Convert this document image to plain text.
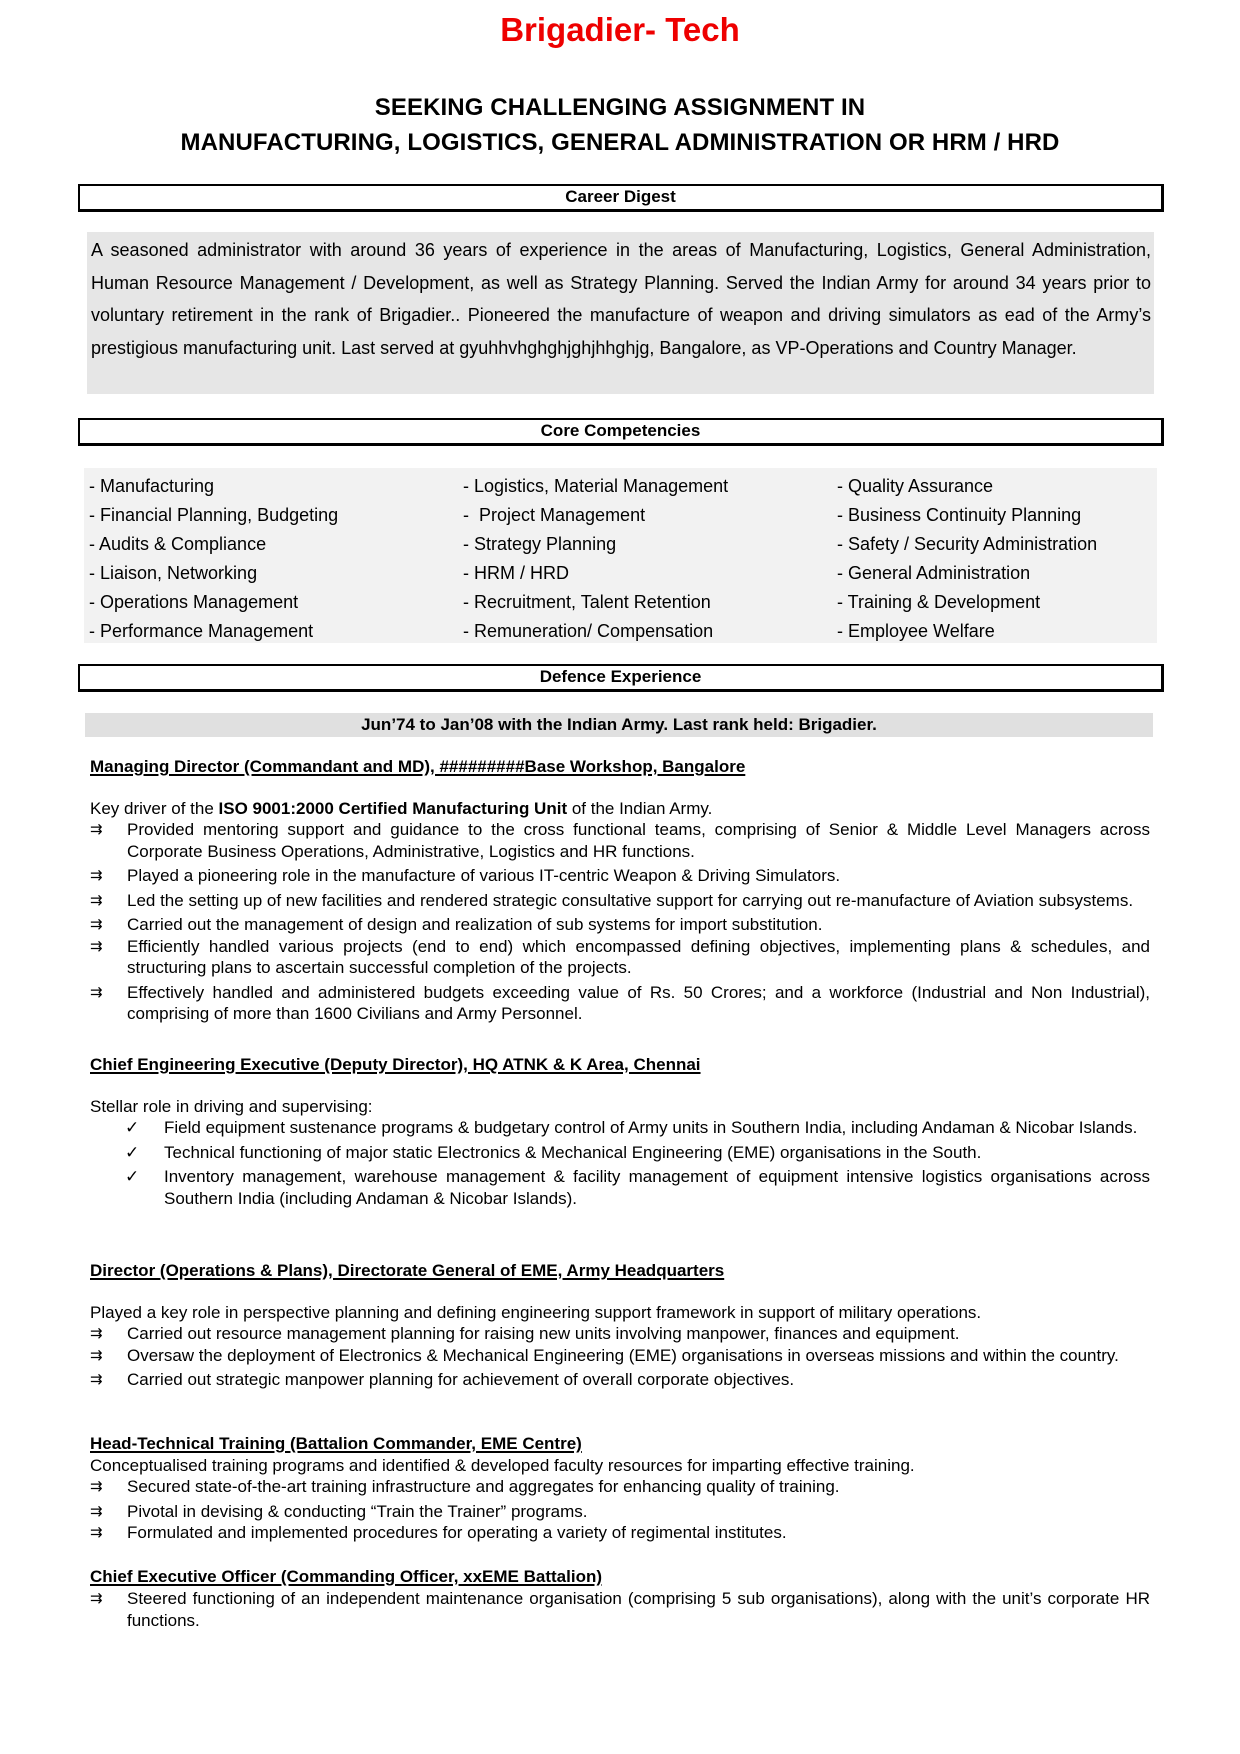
Brigadier- Tech
SEEKING CHALLENGING ASSIGNMENT IN
MANUFACTURING, LOGISTICS, GENERAL ADMINISTRATION OR HRM / HRD
Career Digest

A seasoned administrator with around 36 years of experience in the areas of Manufacturing, Logistics, General Administration, Human Resource Management / Development, as well as Strategy Planning. Served the Indian Army for around 34 years prior to voluntary retirement in the rank of Brigadier.. Pioneered the manufacture of weapon and driving simulators as ead of the Army’s prestigious manufacturing unit. Last served at gyuhhvhghghjghjhhghjg, Bangalore, as VP-Operations and Country Manager.

Core Competencies
- Manufacturing
- Financial Planning, Budgeting
- Audits & Compliance
- Liaison, Networking
- Operations Management
- Performance Management
- Logistics, Material Management
-  Project Management
- Strategy Planning
- HRM / HRD
- Recruitment, Talent Retention
- Remuneration/ Compensation
- Quality Assurance
- Business Continuity Planning
- Safety / Security Administration
- General Administration
- Training & Development
- Employee Welfare
Defence Experience
Jun’74 to Jan’08 with the Indian Army. Last rank held: Brigadier.
Managing Director (Commandant and MD), #########Base Workshop, Bangalore
Key driver of the ISO 9001:2000 Certified Manufacturing Unit of the Indian Army.
⇉ Provided mentoring support and guidance to the cross functional teams, comprising of Senior & Middle Level Managers across Corporate Business Operations, Administrative, Logistics and HR functions.
⇉ Played a pioneering role in the manufacture of various IT-centric Weapon & Driving Simulators.
⇉ Led the setting up of new facilities and rendered strategic consultative support for carrying out re-manufacture of Aviation subsystems.
⇉ Carried out the management of design and realization of sub systems for import substitution.
⇉ Efficiently handled various projects (end to end) which encompassed defining objectives, implementing plans & schedules, and structuring plans to ascertain successful completion of the projects.
⇉ Effectively handled and administered budgets exceeding value of Rs. 50 Crores; and a workforce (Industrial and Non Industrial), comprising of more than 1600 Civilians and Army Personnel.
Chief Engineering Executive (Deputy Director), HQ ATNK & K Area, Chennai
Stellar role in driving and supervising:
✓ Field equipment sustenance programs & budgetary control of Army units in Southern India, including Andaman & Nicobar Islands.
✓ Technical functioning of major static Electronics & Mechanical Engineering (EME) organisations in the South.
✓ Inventory management, warehouse management & facility management of equipment intensive logistics organisations across Southern India (including Andaman & Nicobar Islands).
Director (Operations & Plans), Directorate General of EME, Army Headquarters
Played a key role in perspective planning and defining engineering support framework in support of military operations.
⇉ Carried out resource management planning for raising new units involving manpower, finances and equipment.
⇉ Oversaw the deployment of Electronics & Mechanical Engineering (EME) organisations in overseas missions and within the country.
⇉ Carried out strategic manpower planning for achievement of overall corporate objectives.
Head-Technical Training (Battalion Commander, EME Centre)
Conceptualised training programs and identified & developed faculty resources for imparting effective training.
⇉ Secured state-of-the-art training infrastructure and aggregates for enhancing quality of training.
⇉ Pivotal in devising & conducting “Train the Trainer” programs.
⇉ Formulated and implemented procedures for operating a variety of regimental institutes.
Chief Executive Officer (Commanding Officer, xxEME Battalion)
⇉ Steered functioning of an independent maintenance organisation (comprising 5 sub organisations), along with the unit’s corporate HR functions.
